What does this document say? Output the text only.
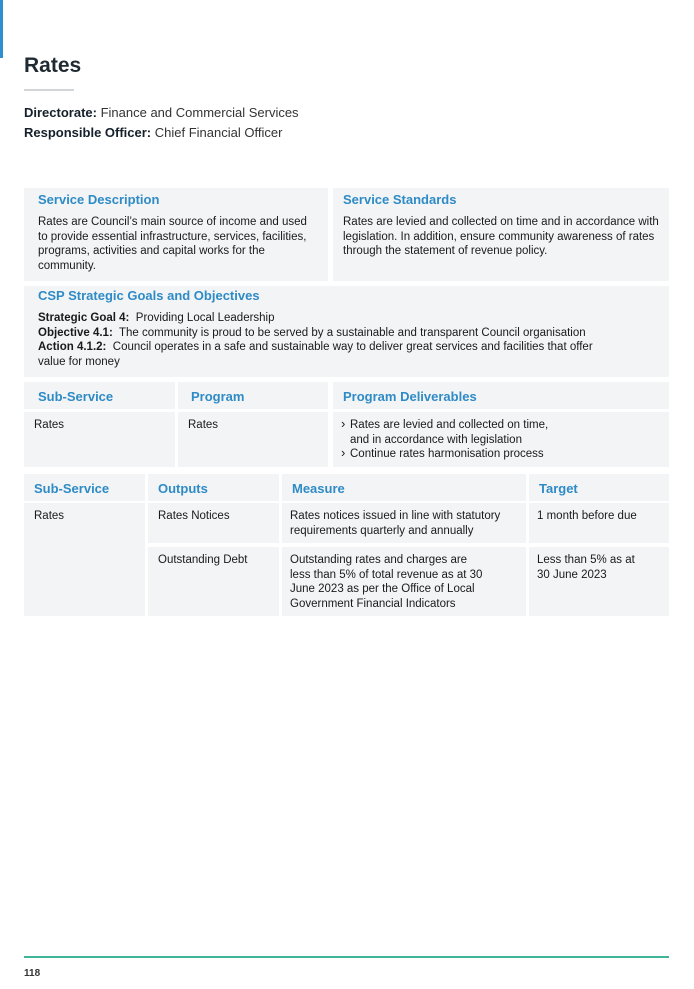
Rates
Directorate: Finance and Commercial Services
Responsible Officer: Chief Financial Officer
Service Description

Rates are Council’s main source of income and used to provide essential infrastructure, services, facilities, programs, activities and capital works for the community.

Service Standards

Rates are levied and collected on time and in accordance with legislation. In addition, ensure community awareness of rates through the statement of revenue policy.

CSP Strategic Goals and Objectives
Strategic Goal 4: Providing Local Leadership
Objective 4.1: The community is proud to be served by a sustainable and transparent Council organisation
Action 4.1.2: Council operates in a safe and sustainable way to deliver great services and facilities that offer value for money
Sub-Service	Program	Program Deliverables
Rates	Rates
›	Rates are levied and collected on time, and in accordance with legislation
› Continue rates harmonisation process
Sub-Service	Outputs	Measure	Target
Rates	Rates Notices	Rates notices issued in line with statutory requirements quarterly and annually
1 month before due
Outstanding Debt	Outstanding rates and charges are less than 5% of total revenue as at 30 June 2023 as per the Office of Local Government Financial Indicators
Less than 5% as at 30 June 2023
118
